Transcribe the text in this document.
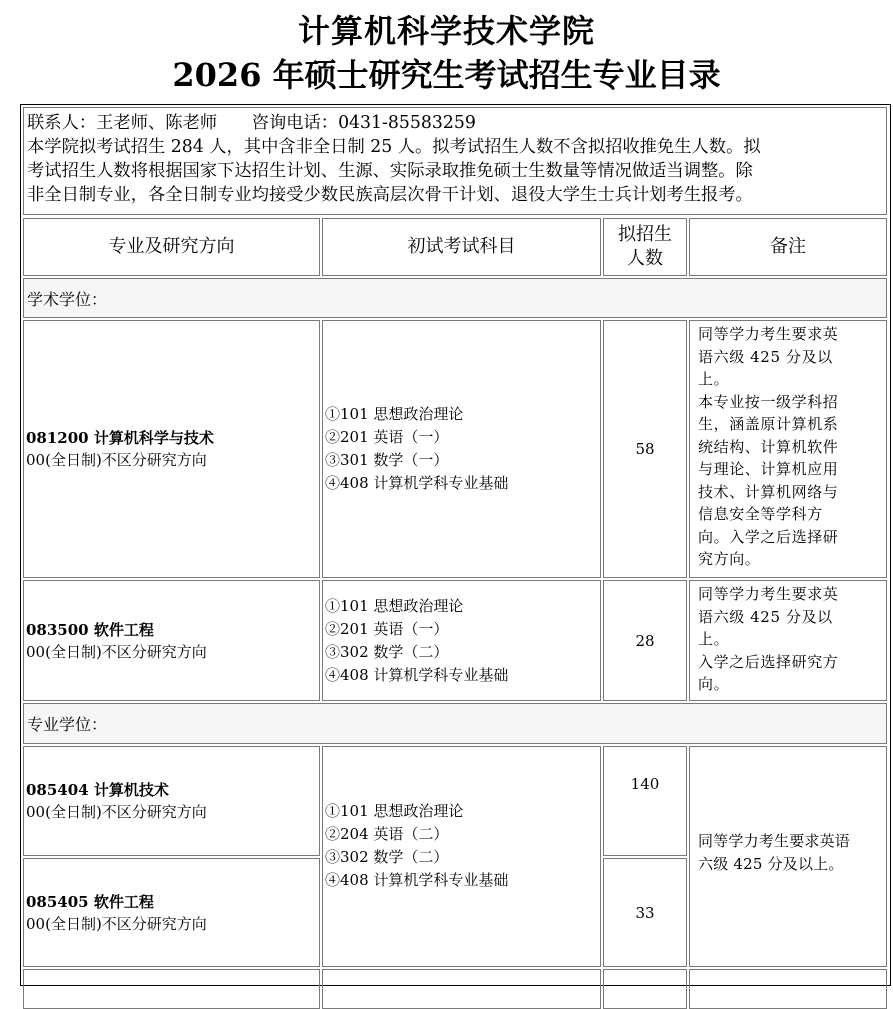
计算机科学技术学院
2026 年硕士研究生考试招生专业目录
联系人：王老师、陈老师　　咨询电话：0431-85583259
本学院拟考试招生 284 人，其中含非全日制 25 人。拟考试招生人数不含拟招收推免生人数。拟
考试招生人数将根据国家下达招生计划、生源、实际录取推免硕士生数量等情况做适当调整。除
非全日制专业，各全日制专业均接受少数民族高层次骨干计划、退役大学生士兵计划考生报考。
专业及研究方向	初试考试科目
拟招生
人数
备注
学术学位：
081200 计算机科学与技术
00(全日制)不区分研究方向
①101 思想政治理论
②201 英语（一）
③301 数学（一）
④408 计算机学科专业基础
58
同等学力考生要求英
语六级 425 分及以
上。
本专业按一级学科招
生，涵盖原计算机系
统结构、计算机软件
与理论、计算机应用
技术、计算机网络与
信息安全等学科方
向。入学之后选择研
究方向。
083500 软件工程
00(全日制)不区分研究方向
①101 思想政治理论
②201 英语（一）
③302 数学（二）
④408 计算机学科专业基础
28
同等学力考生要求英
语六级 425 分及以
上。
入学之后选择研究方
向。
专业学位：
085404 计算机技术
00(全日制)不区分研究方向
085405 软件工程
00(全日制)不区分研究方向
①101 思想政治理论
②204 英语（二）
③302 数学（二）
④408 计算机学科专业基础
140
33
同等学力考生要求英语
六级 425 分及以上。
